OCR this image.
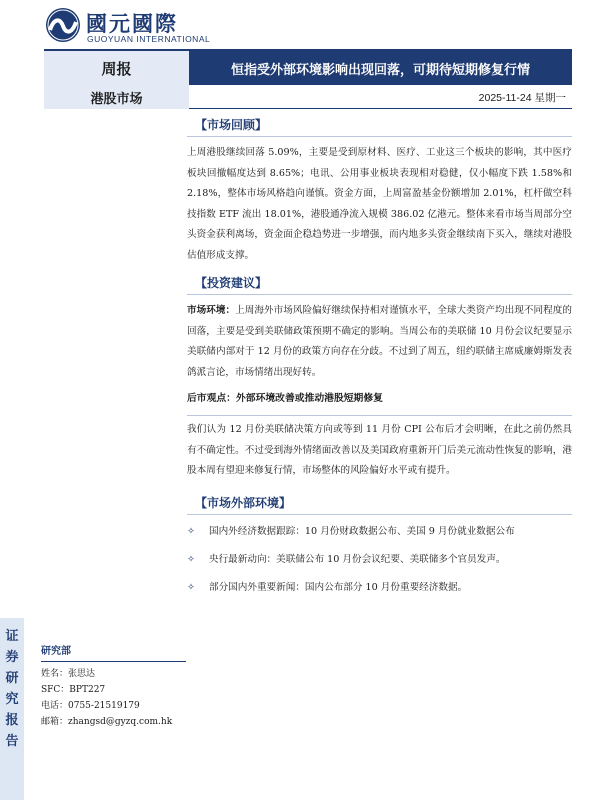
國元國際
GUOYUAN INTERNATIONAL
周报	恒指受外部环境影响出现回落，可期待短期修复行情
港股市场	2025-11-24 星期一
【市场回顾】

上周港股继续回落 5.09%，主要是受到原材料、医疗、工业这三个板块的影响，其中医疗板块回撤幅度达到 8.65%；电讯、公用事业板块表现相对稳健，仅小幅度下跌 1.58%和 2.18%，整体市场风格趋向谨慎。资金方面，上周富盈基金份额增加 2.01%，杠杆做空科技指数 ETF 流出 18.01%，港股通净流入规模 386.02 亿港元。整体来看市场当周部分空头资金获利离场，资金面企稳趋势进一步增强，而内地多头资金继续南下买入，继续对港股估值形成支撑。

【投资建议】

市场环境：上周海外市场风险偏好继续保持相对谨慎水平，全球大类资产均出现不同程度的回落，主要是受到美联储政策预期不确定的影响。当周公布的美联储 10 月份会议纪要显示美联储内部对于 12 月份的政策方向存在分歧。不过到了周五，纽约联储主席威廉姆斯发表鸽派言论，市场情绪出现好转。

后市观点：外部环境改善或推动港股短期修复

我们认为 12 月份美联储决策方向或等到 11 月份 CPI 公布后才会明晰，在此之前仍然具有不确定性。不过受到海外情绪面改善以及美国政府重新开门后美元流动性恢复的影响，港股本周有望迎来修复行情，市场整体的风险偏好水平或有提升。

【市场外部环境】
✧	国内外经济数据跟踪：10 月份财政数据公布、美国 9 月份就业数据公布
✧	央行最新动向：美联储公布 10 月份会议纪要、美联储多个官员发声。
✧	部分国内外重要新闻：国内公布部分 10 月份重要经济数据。
证券研究报告
研究部
姓名：张思达
SFC：BPT227
电话：0755-21519179
邮箱：zhangsd@gyzq.com.hk
